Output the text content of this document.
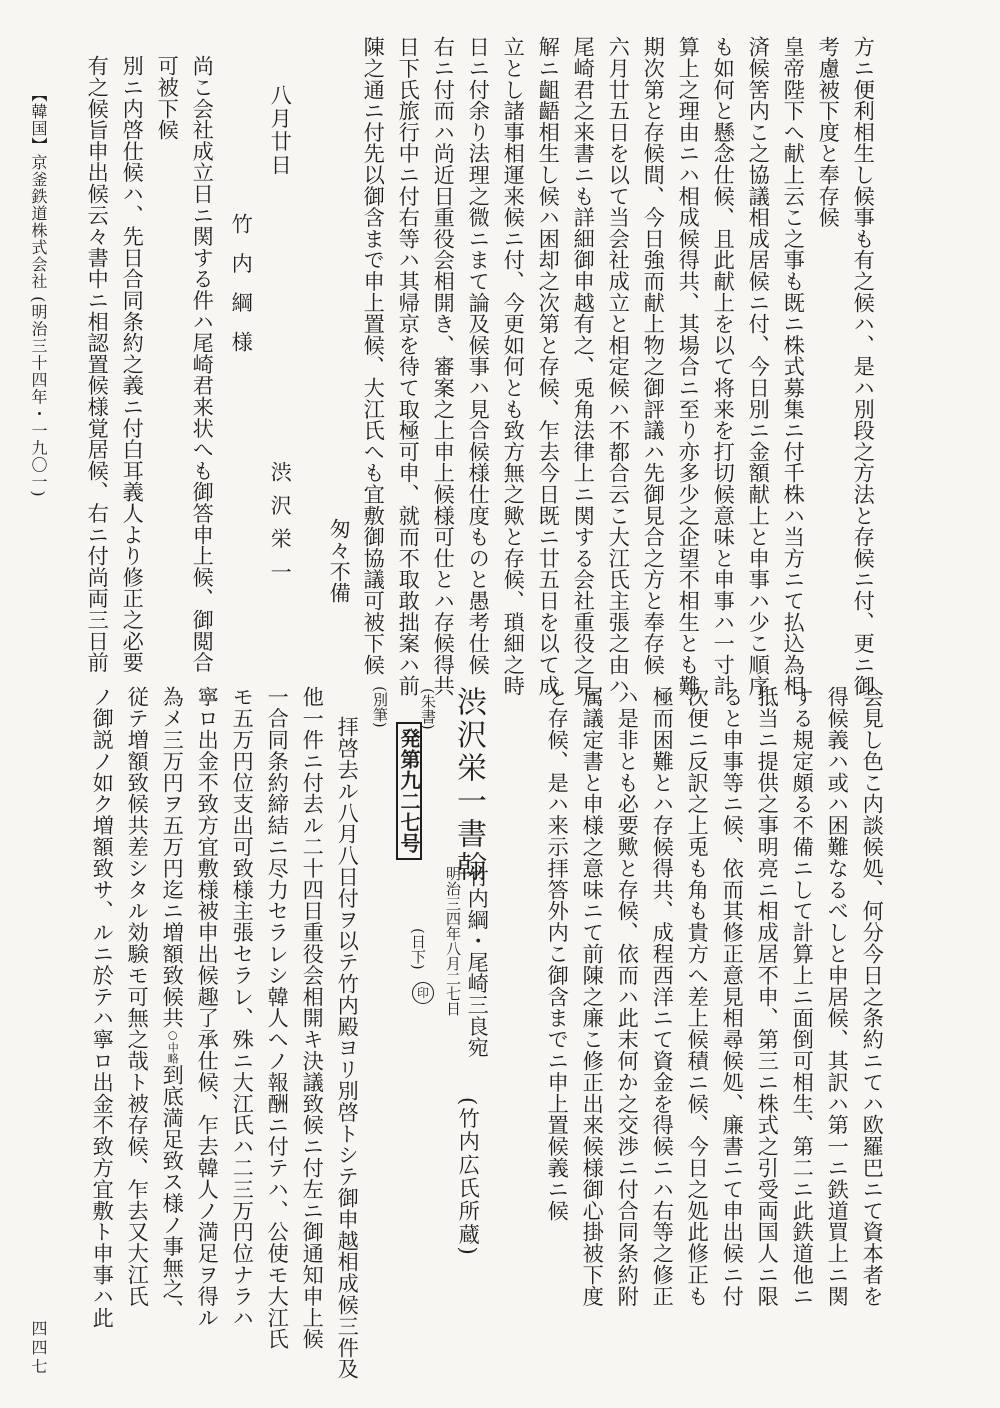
方ニ便利相生し候事も有之候ハ、是ハ別段之方法と存候ニ付、更ニ御
考慮被下度と奉存候
皇帝陛下へ献上云こ之事も既ニ株式募集ニ付千株ハ当方ニて払込為相
済候筈内こ之協議相成居候ニ付、今日別ニ金額献上と申事ハ少こ順序
も如何と懸念仕候、且此献上を以て将来を打切候意味と申事ハ一寸計
算上之理由ニハ相成候得共、其場合ニ至り亦多少之企望不相生とも難
期次第と存候間、今日強而献上物之御評議ハ先御見合之方と奉存候
六月廿五日を以て当会社成立と相定候ハ不都合云こ大江氏主張之由ハ
尾崎君之来書ニも詳細御申越有之、兎角法律上ニ関する会社重役之見
解ニ齟齬相生し候ハ困却之次第と存候、乍去今日既ニ廿五日を以て成
立とし諸事相運来候ニ付、今更如何とも致方無之歟と存候、瑣細之時
日ニ付余り法理之微ニまて論及候事ハ見合候様仕度ものと愚考仕候
右ニ付而ハ尚近日重役会相開き、審案之上申上候様可仕とハ存候得共
日下氏旅行中ニ付右等ハ其帰京を待て取極可申、就而不取敢拙案ハ前
陳之通ニ付先以御含まで申上置候、大江氏へも宜敷御協議可被下候
匆々不備
八月廿日
渋沢栄一
竹内綱様
尚こ会社成立日ニ関する件ハ尾崎君来状へも御答申上候、御閲合
可被下候
別ニ内啓仕候ハ、先日合同条約之義ニ付白耳義人より修正之必要
有之候旨申出候云々書中ニ相認置候様覚居候、右ニ付尚両三日前
会見し色こ内談候処、何分今日之条約ニてハ欧羅巴ニて資本者を
得候義ハ或ハ困難なるべしと申居候、其訳ハ第一ニ鉄道買上ニ関
する規定頗る不備ニして計算上ニ面倒可相生、第二ニ此鉄道他ニ
抵当ニ提供之事明亮ニ相成居不申、第三ニ株式之引受両国人ニ限
ると申事等ニ候、依而其修正意見相尋候処、廉書ニて申出候ニ付
次便ニ反訳之上兎も角も貴方へ差上候積ニ候、今日之処此修正も
極而困難とハ存候得共、成程西洋ニて資金を得候ニハ右等之修正
ハ是非とも必要歟と存候、依而ハ此末何か之交渉ニ付合同条約附
属議定書と申様之意味ニて前陳之廉こ修正出来候様御心掛被下度
と存候、是ハ来示拝答外内こ御含までニ申上置候義ニ候
(日下)
印
渋沢栄一書翰
竹内綱・尾崎三良宛
明治三四年八月二七日
(竹内広氏所蔵)
(朱書)
発第九二七号
(別筆)
拝啓去ル八月八日付ヲ以テ竹内殿ヨリ別啓トシテ御申越相成候三件及
他一件ニ付去ル二十四日重役会相開キ決議致候ニ付左ニ御通知申上候
一合同条約締結ニ尽力セラレシ韓人ヘノ報酬ニ付テハ、公使モ大江氏
モ五万円位支出可致様主張セラレ、殊ニ大江氏ハ二三万円位ナラハ
寧ロ出金不致方宜敷様被申出候趣了承仕候、乍去韓人ノ満足ヲ得ル
為メ三万円ヲ五万円迄ニ増額致候共○中略到底満足致ス様ノ事無之、
従テ増額致候共差シタル効験モ可無之哉ト被存候、乍去又大江氏
ノ御説ノ如ク増額致サ、ルニ於テハ寧ロ出金不致方宜敷ト申事ハ此
【韓国】京釜鉄道株式会社 (明治三十四年・一九〇一)
四四七
